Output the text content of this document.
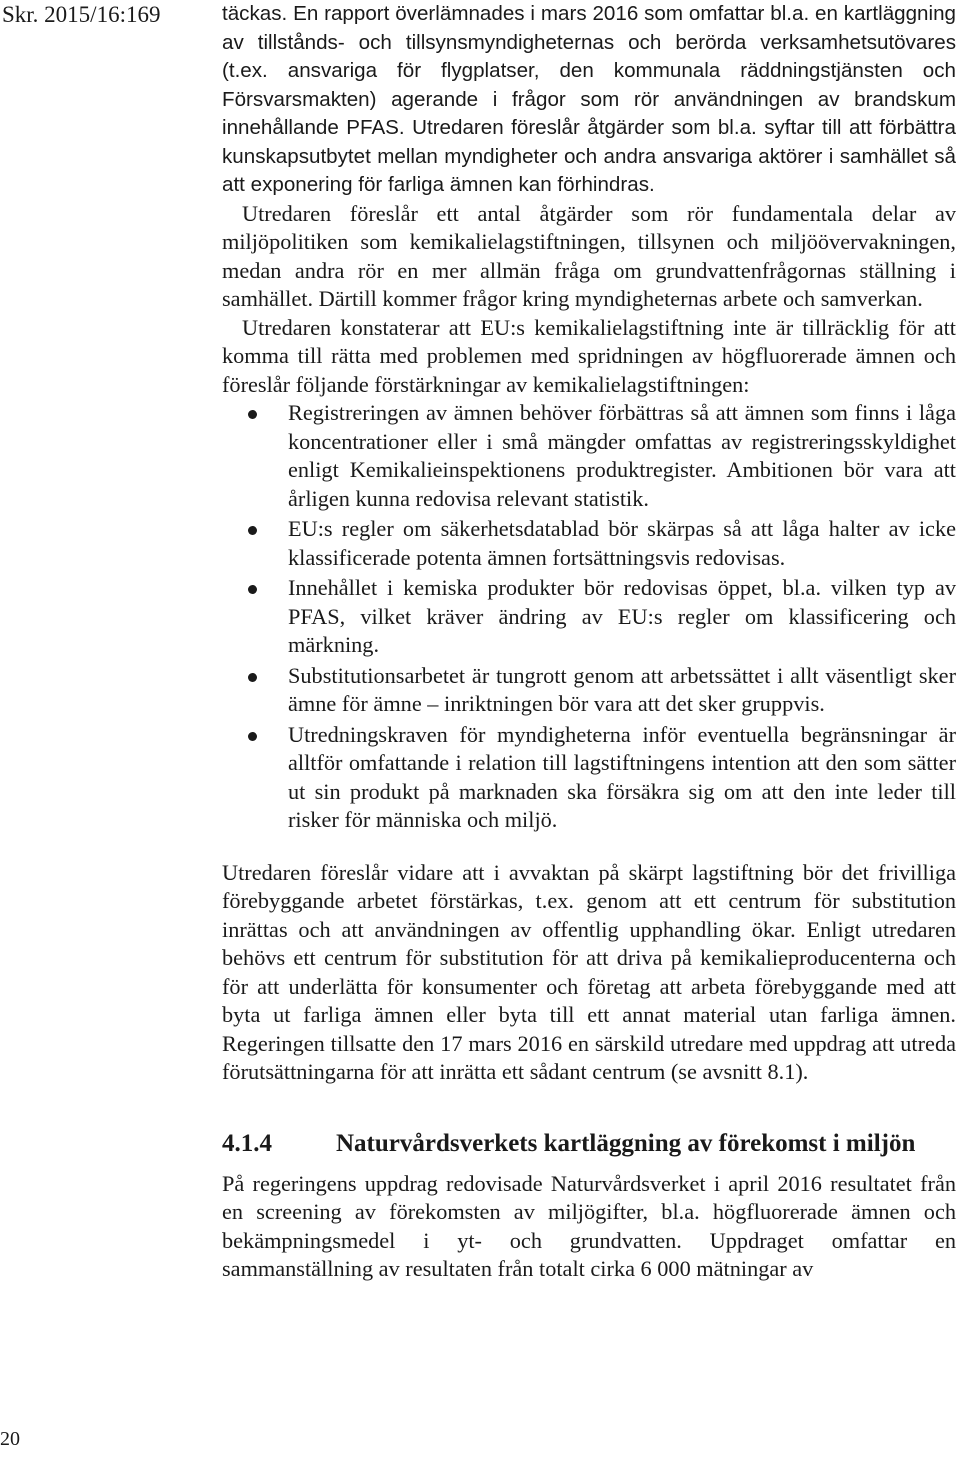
Skr. 2015/16:169
20

täckas. En rapport överlämnades i mars 2016 som omfattar bl.a. en kartläggning av tillstånds- och tillsynsmyndigheternas och berörda verksamhetsutövares (t.ex. ansvariga för flygplatser, den kommunala räddningstjänsten och Försvarsmakten) agerande i frågor som rör användningen av brandskum innehållande PFAS. Utredaren föreslår åtgärder som bl.a. syftar till att förbättra kunskapsutbytet mellan myndigheter och andra ansvariga aktörer i samhället så att exponering för farliga ämnen kan förhindras.

Utredaren föreslår ett antal åtgärder som rör fundamentala delar av miljöpolitiken som kemikalielagstiftningen, tillsynen och miljöövervakningen, medan andra rör en mer allmän fråga om grundvattenfrågornas ställning i samhället. Därtill kommer frågor kring myndigheternas arbete och samverkan.

Utredaren konstaterar att EU:s kemikalielagstiftning inte är tillräcklig för att komma till rätta med problemen med spridningen av högfluorerade ämnen och föreslår följande förstärkningar av kemikalielagstiftningen:

Registreringen av ämnen behöver förbättras så att ämnen som finns i låga koncentrationer eller i små mängder omfattas av registreringsskyldighet enligt Kemikalieinspektionens produktregister. Ambitionen bör vara att årligen kunna redovisa relevant statistik.
EU:s regler om säkerhetsdatablad bör skärpas så att låga halter av icke klassificerade potenta ämnen fortsättningsvis redovisas.
Innehållet i kemiska produkter bör redovisas öppet, bl.a. vilken typ av PFAS, vilket kräver ändring av EU:s regler om klassificering och märkning.
Substitutionsarbetet är tungrott genom att arbetssättet i allt väsentligt sker ämne för ämne – inriktningen bör vara att det sker gruppvis.
Utredningskraven för myndigheterna inför eventuella begränsningar är alltför omfattande i relation till lagstiftningens intention att den som sätter ut sin produkt på marknaden ska försäkra sig om att den inte leder till risker för människa och miljö.

Utredaren föreslår vidare att i avvaktan på skärpt lagstiftning bör det frivilliga förebyggande arbetet förstärkas, t.ex. genom att ett centrum för substitution inrättas och att användningen av offentlig upphandling ökar. Enligt utredaren behövs ett centrum för substitution för att driva på kemikalieproducenterna och för att underlätta för konsumenter och företag att arbeta förebyggande med att byta ut farliga ämnen eller byta till ett annat material utan farliga ämnen. Regeringen tillsatte den 17 mars 2016 en särskild utredare med uppdrag att utreda förutsättningarna för att inrätta ett sådant centrum (se avsnitt 8.1).

4.1.4	Naturvårdsverkets kartläggning av förekomst i miljön

På regeringens uppdrag redovisade Naturvårdsverket i april 2016 resultatet från en screening av förekomsten av miljögifter, bl.a. högfluorerade ämnen och bekämpningsmedel i yt- och grundvatten. Uppdraget omfattar en sammanställning av resultaten från totalt cirka 6 000 mätningar av
